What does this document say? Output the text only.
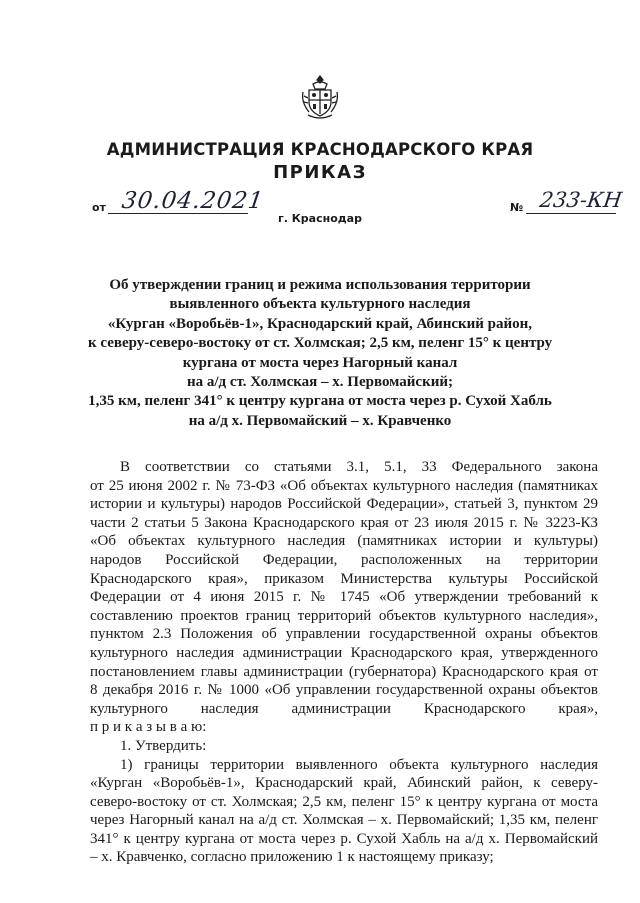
АДМИНИСТРАЦИЯ КРАСНОДАРСКОГО КРАЯ
ПРИКАЗ
от 30.04.2021	№ 233-КН
г. Краснодар
Об утверждении границ и режима использования территории
выявленного объекта культурного наследия
«Курган «Воробьёв-1», Краснодарский край, Абинский район,
к северу-северо-востоку от ст. Холмская; 2,5 км, пеленг 15° к центру
кургана от моста через Нагорный канал
на а/д ст. Холмская – х. Первомайский;
1,35 км, пеленг 341° к центру кургана от моста через р. Сухой Хабль
на а/д х. Первомайский – х. Кравченко
В соответствии со статьями 3.1, 5.1, 33 Федерального закона
от 25 июня 2002 г. № 73-ФЗ «Об объектах культурного наследия (памятниках
истории и культуры) народов Российской Федерации», статьей 3, пунктом 29
части 2 статьи 5 Закона Краснодарского края от 23 июля 2015 г. № 3223-КЗ
«Об объектах культурного наследия (памятниках истории и культуры)
народов Российской Федерации, расположенных на территории
Краснодарского края», приказом Министерства культуры Российской
Федерации от 4 июня 2015 г. № 1745 «Об утверждении требований к
составлению проектов границ территорий объектов культурного наследия»,
пунктом 2.3 Положения об управлении государственной охраны объектов
культурного наследия администрации Краснодарского края, утвержденного
постановлением главы администрации (губернатора) Краснодарского края от
8 декабря 2016 г. № 1000 «Об управлении государственной охраны объектов
культурного наследия администрации Краснодарского края»,
п р и к а з ы в а ю:
1. Утвердить:
1) границы территории выявленного объекта культурного наследия
«Курган «Воробьёв-1», Краснодарский край, Абинский район, к северу-
северо-востоку от ст. Холмская; 2,5 км, пеленг 15° к центру кургана от моста
через Нагорный канал на а/д ст. Холмская – х. Первомайский; 1,35 км, пеленг
341° к центру кургана от моста через р. Сухой Хабль на а/д х. Первомайский
– х. Кравченко, согласно приложению 1 к настоящему приказу;
